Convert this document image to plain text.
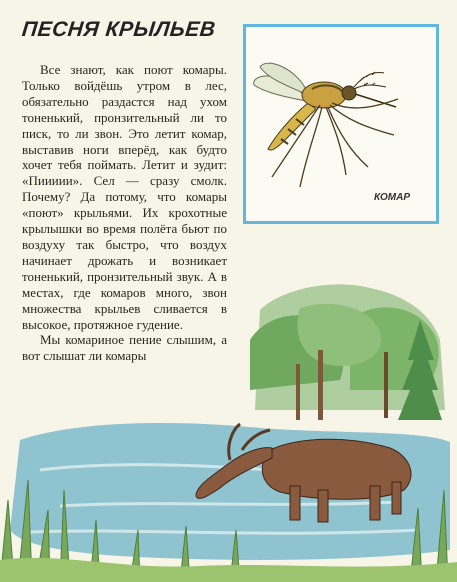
ПЕСНЯ КРЫЛЬЕВ

Все знают, как поют комары. Только войдёшь утром в лес, обязательно раздастся над ухом тоненький, пронзительный ли то писк, то ли звон. Это летит комар, выставив ноги вперёд, как будто хочет тебя поймать. Летит и зудит: «Пиииии». Сел — сразу смолк. Почему? Да потому, что комары «поют» крыльями. Их крохотные крылышки во время полёта бьют по воздуху так быстро, что воздух начинает дрожать и возникает тоненький, пронзительный звук. А в местах, где комаров много, звон множества крыльев сливается в высокое, протяжное гудение.

Мы комариное пение слышим, а вот слышат ли комары

КОМАР
